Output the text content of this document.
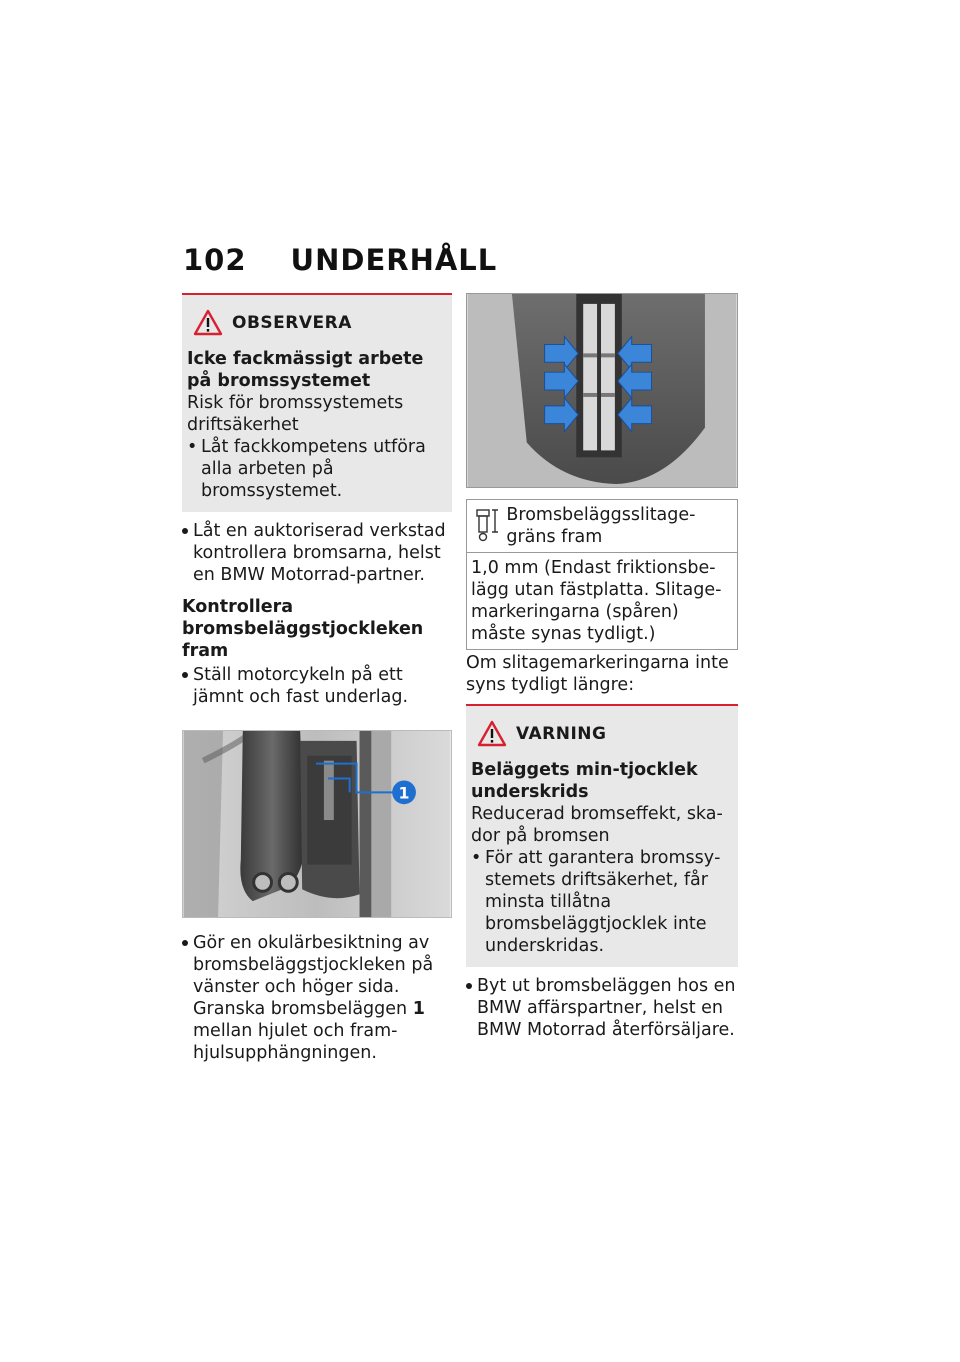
102 UNDERHÅLL
OBSERVERA
Icke fackmässigt arbete på bromssystemet
Risk för bromssystemets driftsäkerhet
• Låt fackkompetens utföra alla arbeten på bromssystemet.
Låt en auktoriserad verkstad kontrollera bromsarna, helst en BMW Motorrad-partner.
Kontrollera bromsbeläggstjockleken fram
Ställ motorcykeln på ett jämnt och fast underlag.
1
Gör en okulärbesiktning av bromsbeläggstjockleken på vänster och höger sida. Granska bromsbeläggen 1 mellan hjulet och framhjulsupphängningen.
Bromsbeläggsslitagegräns fram
1,0 mm (Endast friktionsbelägg utan fästplatta. Slitagemarkeringarna (spåren) måste synas tydligt.)
Om slitagemarkeringarna inte syns tydligt längre:
VARNING
Beläggets min-tjocklek underskrids
Reducerad bromseffekt, skador på bromsen
• För att garantera bromssystemets driftsäkerhet, får minsta tillåtna bromsbeläggtjocklek inte underskridas.
Byt ut bromsbeläggen hos en BMW affärspartner, helst en BMW Motorrad återförsäljare.
